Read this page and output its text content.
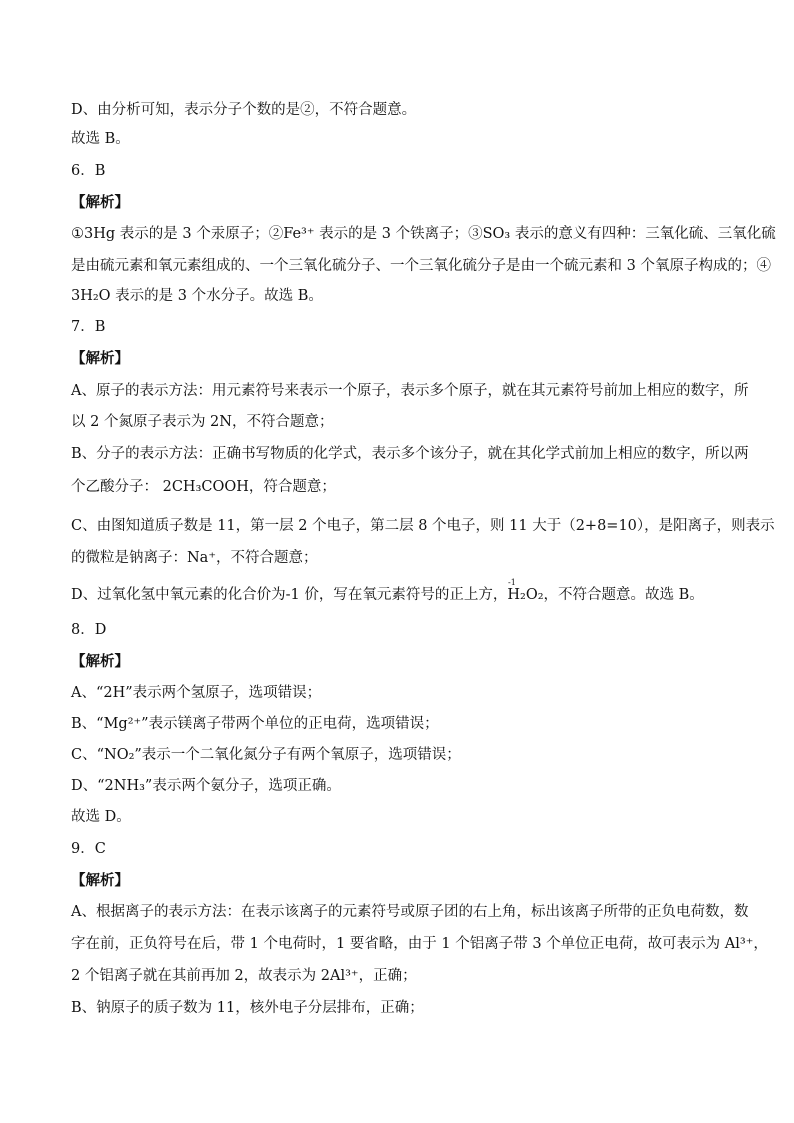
D、由分析可知，表示分子个数的是②，不符合题意。
故选 B。
6．B
【解析】
①3Hg 表示的是 3 个汞原子；②Fe³⁺ 表示的是 3 个铁离子；③SO₃ 表示的意义有四种：三氧化硫、三氧化硫
是由硫元素和氧元素组成的、一个三氧化硫分子、一个三氧化硫分子是由一个硫元素和 3 个氧原子构成的；④
3H₂O 表示的是 3 个水分子。故选 B。
7．B
【解析】
A、原子的表示方法：用元素符号来表示一个原子，表示多个原子，就在其元素符号前加上相应的数字，所
以 2 个氮原子表示为 2N，不符合题意；
B、分子的表示方法：正确书写物质的化学式，表示多个该分子，就在其化学式前加上相应的数字，所以两
个乙酸分子： 2CH₃COOH，符合题意；
C、由图知道质子数是 11，第一层 2 个电子，第二层 8 个电子，则 11 大于（2+8=10），是阳离子，则表示
的微粒是钠离子：Na⁺，不符合题意；
D、过氧化氢中氧元素的化合价为-1 价，写在氧元素符号的正上方，H₂O₂，不符合题意。故选 B。
-1
8．D
【解析】
A、“2H”表示两个氢原子，选项错误；
B、“Mg²⁺”表示镁离子带两个单位的正电荷，选项错误；
C、“NO₂”表示一个二氧化氮分子有两个氧原子，选项错误；
D、“2NH₃”表示两个氨分子，选项正确。
故选 D。
9．C
【解析】
A、根据离子的表示方法：在表示该离子的元素符号或原子团的右上角，标出该离子所带的正负电荷数，数
字在前，正负符号在后，带 1 个电荷时，1 要省略，由于 1 个铝离子带 3 个单位正电荷，故可表示为 Al³⁺，
2 个铝离子就在其前再加 2，故表示为 2Al³⁺，正确；
B、钠原子的质子数为 11，核外电子分层排布，正确；
